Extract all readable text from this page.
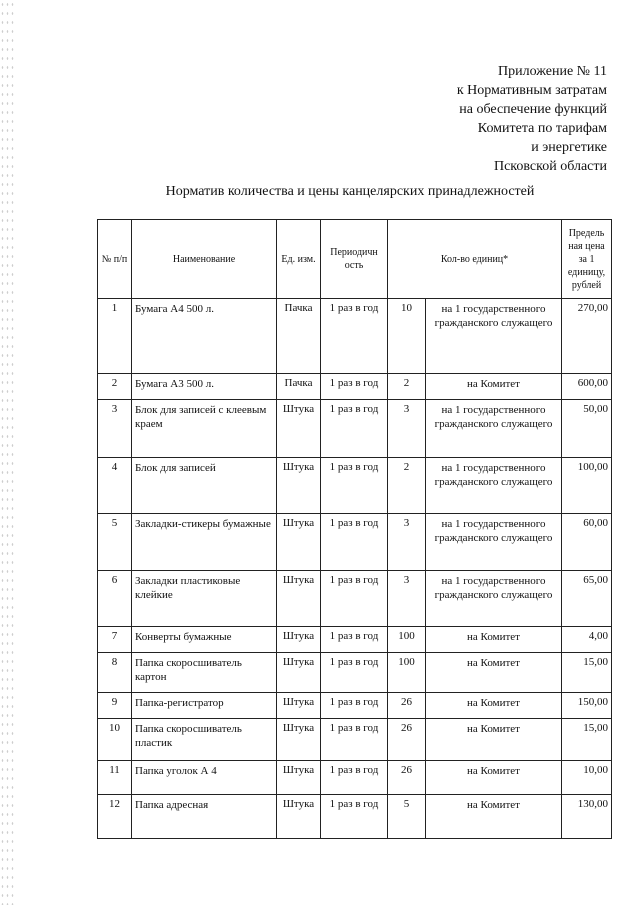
Приложение № 11
к Нормативным затратам
на обеспечение функций
Комитета по тарифам
и энергетике
Псковской области
Норматив количества и цены канцелярских принадлежностей
№ п/п	Наименование	Ед. изм.	Периодичн ость	Кол-во единиц*		Предель ная цена за 1 единицу, рублей
1	Бумага А4 500 л.	Пачка	1 раз в год	10	на 1 государственного гражданского служащего	270,00
2	Бумага А3 500 л.	Пачка	1 раз в год	2	на Комитет	600,00
3	Блок для записей с клеевым краем	Штука	1 раз в год	3	на 1 государственного гражданского служащего	50,00
4	Блок для записей	Штука	1 раз в год	2	на 1 государственного гражданского служащего	100,00
5	Закладки-стикеры бумажные	Штука	1 раз в год	3	на 1 государственного гражданского служащего	60,00
6	Закладки пластиковые клейкие	Штука	1 раз в год	3	на 1 государственного гражданского служащего	65,00
7	Конверты бумажные	Штука	1 раз в год	100	на Комитет	4,00
8	Папка скоросшиватель картон	Штука	1 раз в год	100	на Комитет	15,00
9	Папка-регистратор	Штука	1 раз в год	26	на Комитет	150,00
10	Папка скоросшиватель пластик	Штука	1 раз в год	26	на Комитет	15,00
11	Папка уголок А 4	Штука	1 раз в год	26	на Комитет	10,00
12	Папка адресная	Штука	1 раз в год	5	на Комитет	130,00
